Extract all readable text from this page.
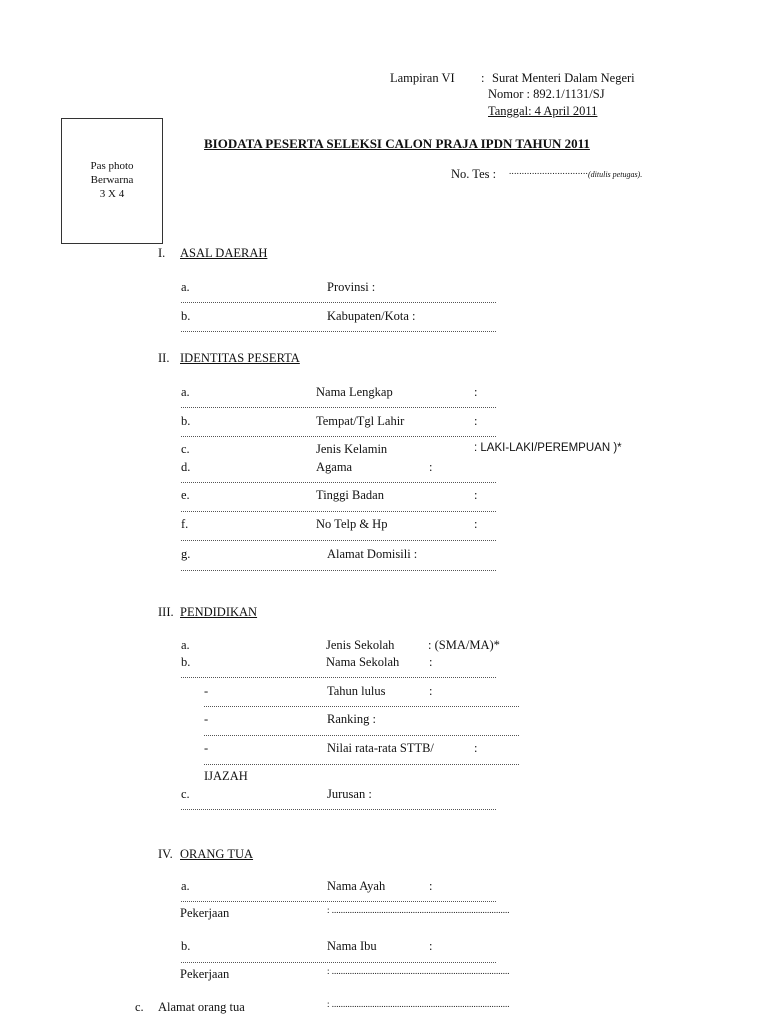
Lampiran VI : Surat Menteri Dalam Negeri
Nomor : 892.1/1131/SJ
Tanggal: 4 April 2011
Pas photo
Berwarna
3 X 4
BIODATA PESERTA SELEKSI CALON PRAJA IPDN TAHUN 2011
No. Tes : ............................... (ditulis petugas).
I. ASAL DAERAH
a.	Provinsi :
b.	Kabupaten/Kota :
II. IDENTITAS PESERTA
a.	Nama Lengkap	:
b.	Tempat/Tgl Lahir	:
c.	Jenis Kelamin	: LAKI-LAKI/PEREMPUAN )*
d.	Agama	:
e.	Tinggi Badan	:
f.	No Telp & Hp	:
g.	Alamat Domisili :
III. PENDIDIKAN
a.	Jenis Sekolah	: (SMA/MA)*
b.	Nama Sekolah :
-	Tahun lulus	:
-	Ranking :
-	Nilai rata-rata STTB/	:
IJAZAH
c.	Jurusan :
IV. ORANG TUA
a.	Nama Ayah	:
Pekerjaan	: ...............................................................................
b.	Nama Ibu	:
Pekerjaan	: ...............................................................................
c. Alamat orang tua	: ...............................................................................
